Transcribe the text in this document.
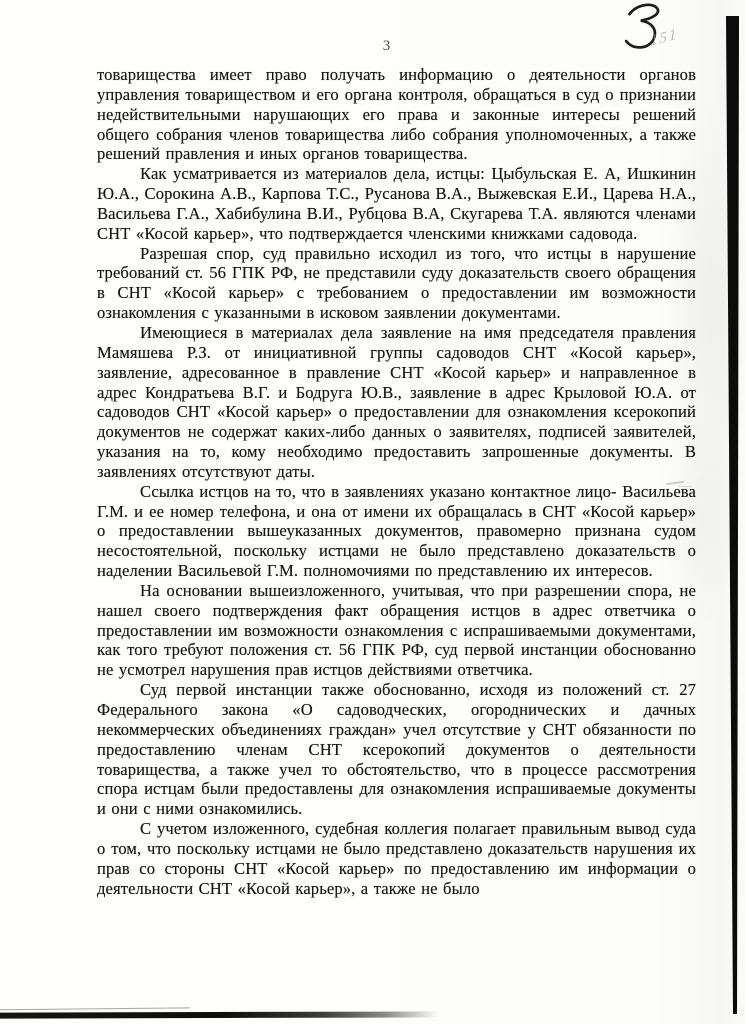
3	151

товарищества имеет право получать информацию о деятельности органов управления товариществом и его органа контроля, обращаться в суд о признании недействительными нарушающих его права и законные интересы решений общего собрания членов товарищества либо собрания уполномоченных, а также решений правления и иных органов товарищества.

Как усматривается из материалов дела, истцы: Цыбульская Е. А, Ишкинин Ю.А., Сорокина А.В., Карпова Т.С., Русанова В.А., Выжевская Е.И., Царева Н.А., Васильева Г.А., Хабибулина В.И., Рубцова В.А, Скугарева Т.А. являются членами СНТ «Косой карьер», что подтверждается членскими книжками садовода.

Разрешая спор, суд правильно исходил из того, что истцы в нарушение требований ст. 56 ГПК РФ, не представили суду доказательств своего обращения в СНТ «Косой карьер» с требованием о предоставлении им возможности ознакомления с указанными в исковом заявлении документами.

Имеющиеся в материалах дела заявление на имя председателя правления Мамяшева Р.З. от инициативной группы садоводов СНТ «Косой карьер», заявление, адресованное в правление СНТ «Косой карьер» и направленное в адрес Кондратьева В.Г. и Бодруга Ю.В., заявление в адрес Крыловой Ю.А. от садоводов СНТ «Косой карьер» о предоставлении для ознакомления ксерокопий документов не содержат каких-либо данных о заявителях, подписей заявителей, указания на то, кому необходимо предоставить запрошенные документы. В заявлениях отсутствуют даты.

Ссылка истцов на то, что в заявлениях указано контактное лицо- Васильева Г.М. и ее номер телефона, и она от имени их обращалась в СНТ «Косой карьер» о предоставлении вышеуказанных документов, правомерно признана судом несостоятельной, поскольку истцами не было представлено доказательств о наделении Васильевой Г.М. полномочиями по представлению их интересов.

На основании вышеизложенного, учитывая, что при разрешении спора, не нашел своего подтверждения факт обращения истцов в адрес ответчика о предоставлении им возможности ознакомления с испрашиваемыми документами, как того требуют положения ст. 56 ГПК РФ, суд первой инстанции обоснованно не усмотрел нарушения прав истцов действиями ответчика.

Суд первой инстанции также обоснованно, исходя из положений ст. 27 Федерального закона «О садоводческих, огороднических и дачных некоммерческих объединениях граждан» учел отсутствие у СНТ обязанности по предоставлению членам СНТ ксерокопий документов о деятельности товарищества, а также учел то обстоятельство, что в процессе рассмотрения спора истцам были предоставлены для ознакомления испрашиваемые документы и они с ними ознакомились.

С учетом изложенного, судебная коллегия полагает правильным вывод суда о том, что поскольку истцами не было представлено доказательств нарушения их прав со стороны СНТ «Косой карьер» по предоставлению им информации о деятельности СНТ «Косой карьер», а также не было
